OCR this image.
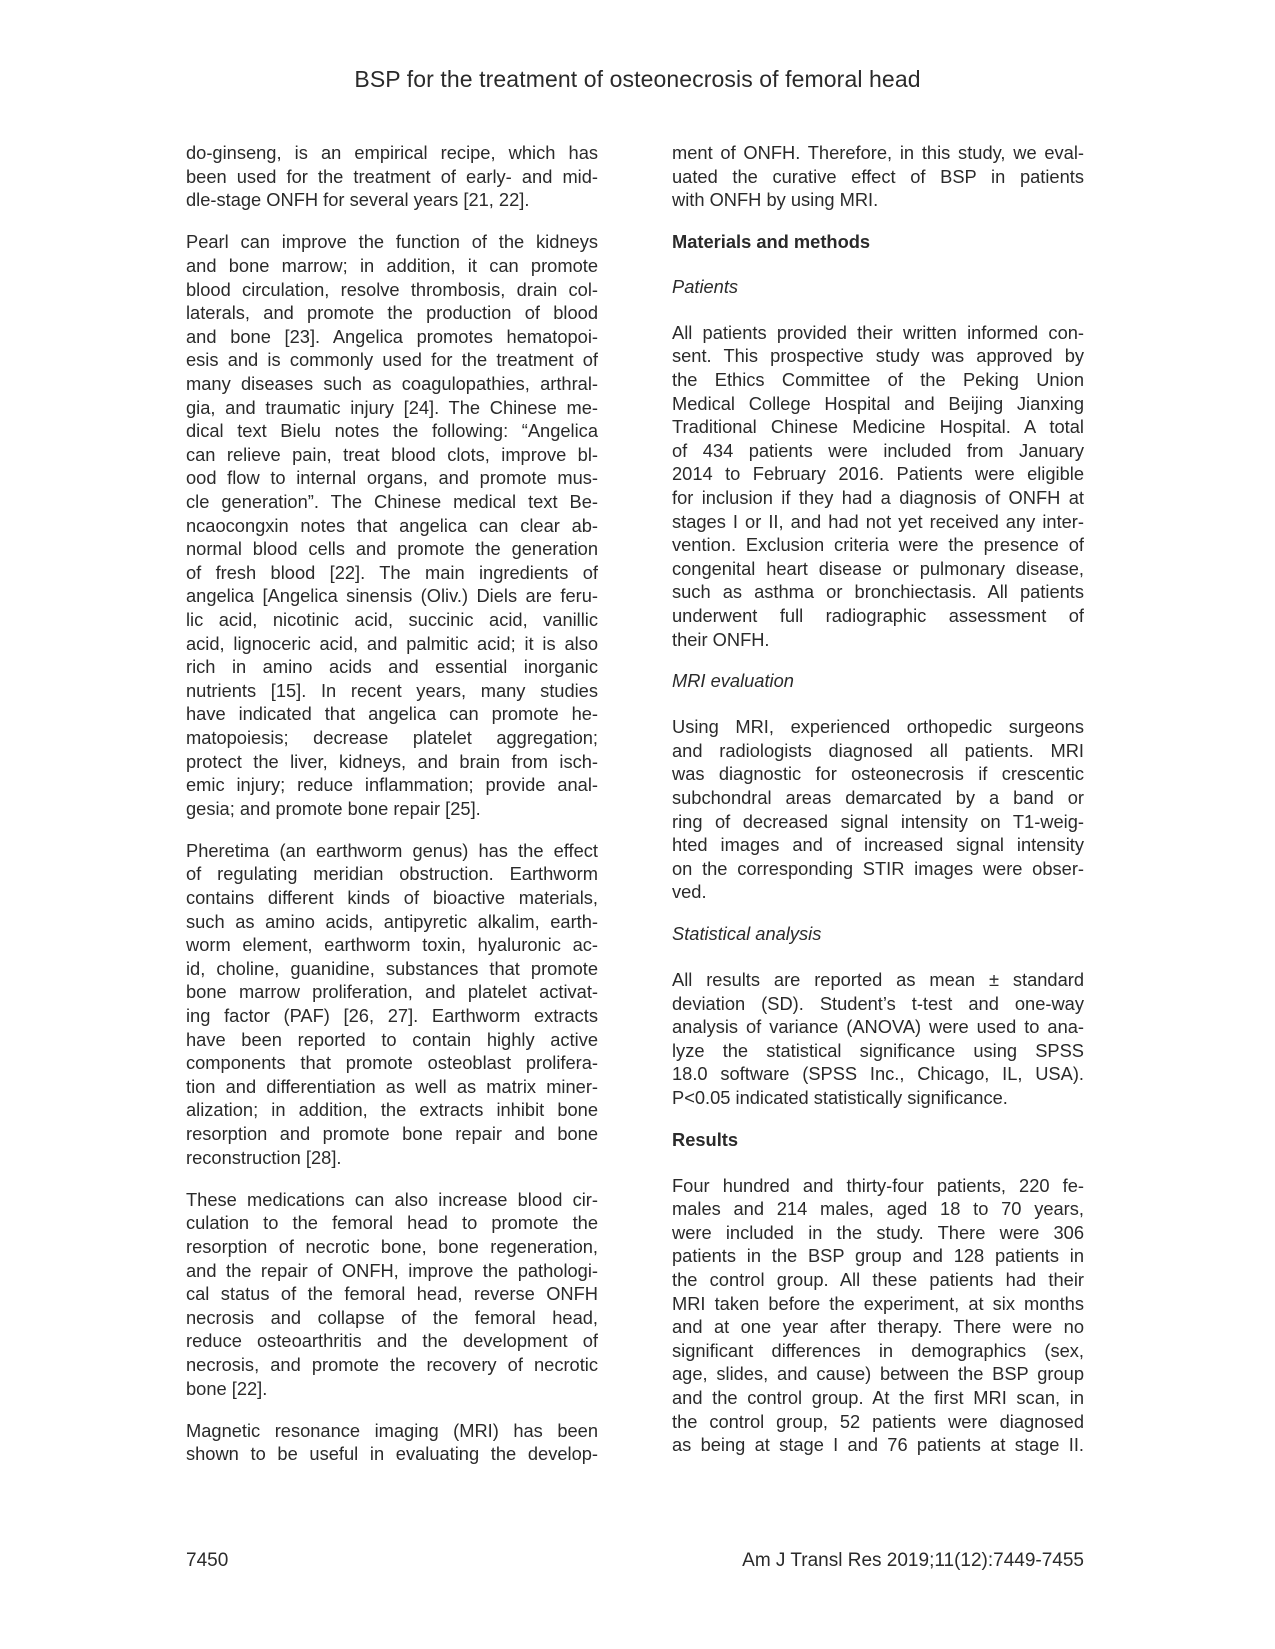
BSP for the treatment of osteonecrosis of femoral head
do-ginseng, is an empirical recipe, which has
been used for the treatment of early- and mid-
dle-stage ONFH for several years [21, 22].
Pearl can improve the function of the kidneys
and bone marrow; in addition, it can promote
blood circulation, resolve thrombosis, drain col-
laterals, and promote the production of blood
and bone [23]. Angelica promotes hematopoi-
esis and is commonly used for the treatment of
many diseases such as coagulopathies, arthral-
gia, and traumatic injury [24]. The Chinese me-
dical text Bielu notes the following: “Angelica
can relieve pain, treat blood clots, improve bl-
ood flow to internal organs, and promote mus-
cle generation”. The Chinese medical text Be-
ncaocongxin notes that angelica can clear ab-
normal blood cells and promote the generation
of fresh blood [22]. The main ingredients of
angelica [Angelica sinensis (Oliv.) Diels are feru-
lic acid, nicotinic acid, succinic acid, vanillic
acid, lignoceric acid, and palmitic acid; it is also
rich in amino acids and essential inorganic
nutrients [15]. In recent years, many studies
have indicated that angelica can promote he-
matopoiesis; decrease platelet aggregation;
protect the liver, kidneys, and brain from isch-
emic injury; reduce inflammation; provide anal-
gesia; and promote bone repair [25].
Pheretima (an earthworm genus) has the effect
of regulating meridian obstruction. Earthworm
contains different kinds of bioactive materials,
such as amino acids, antipyretic alkalim, earth-
worm element, earthworm toxin, hyaluronic ac-
id, choline, guanidine, substances that promote
bone marrow proliferation, and platelet activat-
ing factor (PAF) [26, 27]. Earthworm extracts
have been reported to contain highly active
components that promote osteoblast prolifera-
tion and differentiation as well as matrix miner-
alization; in addition, the extracts inhibit bone
resorption and promote bone repair and bone
reconstruction [28].
These medications can also increase blood cir-
culation to the femoral head to promote the
resorption of necrotic bone, bone regeneration,
and the repair of ONFH, improve the pathologi-
cal status of the femoral head, reverse ONFH
necrosis and collapse of the femoral head,
reduce osteoarthritis and the development of
necrosis, and promote the recovery of necrotic
bone [22].
Magnetic resonance imaging (MRI) has been
shown to be useful in evaluating the develop-
ment of ONFH. Therefore, in this study, we eval-
uated the curative effect of BSP in patients
with ONFH by using MRI.
Materials and methods
Patients
All patients provided their written informed con-
sent. This prospective study was approved by
the Ethics Committee of the Peking Union
Medical College Hospital and Beijing Jianxing
Traditional Chinese Medicine Hospital. A total
of 434 patients were included from January
2014 to February 2016. Patients were eligible
for inclusion if they had a diagnosis of ONFH at
stages I or II, and had not yet received any inter-
vention. Exclusion criteria were the presence of
congenital heart disease or pulmonary disease,
such as asthma or bronchiectasis. All patients
underwent full radiographic assessment of
their ONFH.
MRI evaluation
Using MRI, experienced orthopedic surgeons
and radiologists diagnosed all patients. MRI
was diagnostic for osteonecrosis if crescentic
subchondral areas demarcated by a band or
ring of decreased signal intensity on T1-weig-
hted images and of increased signal intensity
on the corresponding STIR images were obser-
ved.
Statistical analysis
All results are reported as mean ± standard
deviation (SD). Student’s t-test and one-way
analysis of variance (ANOVA) were used to ana-
lyze the statistical significance using SPSS
18.0 software (SPSS Inc., Chicago, IL, USA).
P<0.05 indicated statistically significance.
Results
Four hundred and thirty-four patients, 220 fe-
males and 214 males, aged 18 to 70 years,
were included in the study. There were 306
patients in the BSP group and 128 patients in
the control group. All these patients had their
MRI taken before the experiment, at six months
and at one year after therapy. There were no
significant differences in demographics (sex,
age, slides, and cause) between the BSP group
and the control group. At the first MRI scan, in
the control group, 52 patients were diagnosed
as being at stage I and 76 patients at stage II.
7450	Am J Transl Res 2019;11(12):7449-7455
